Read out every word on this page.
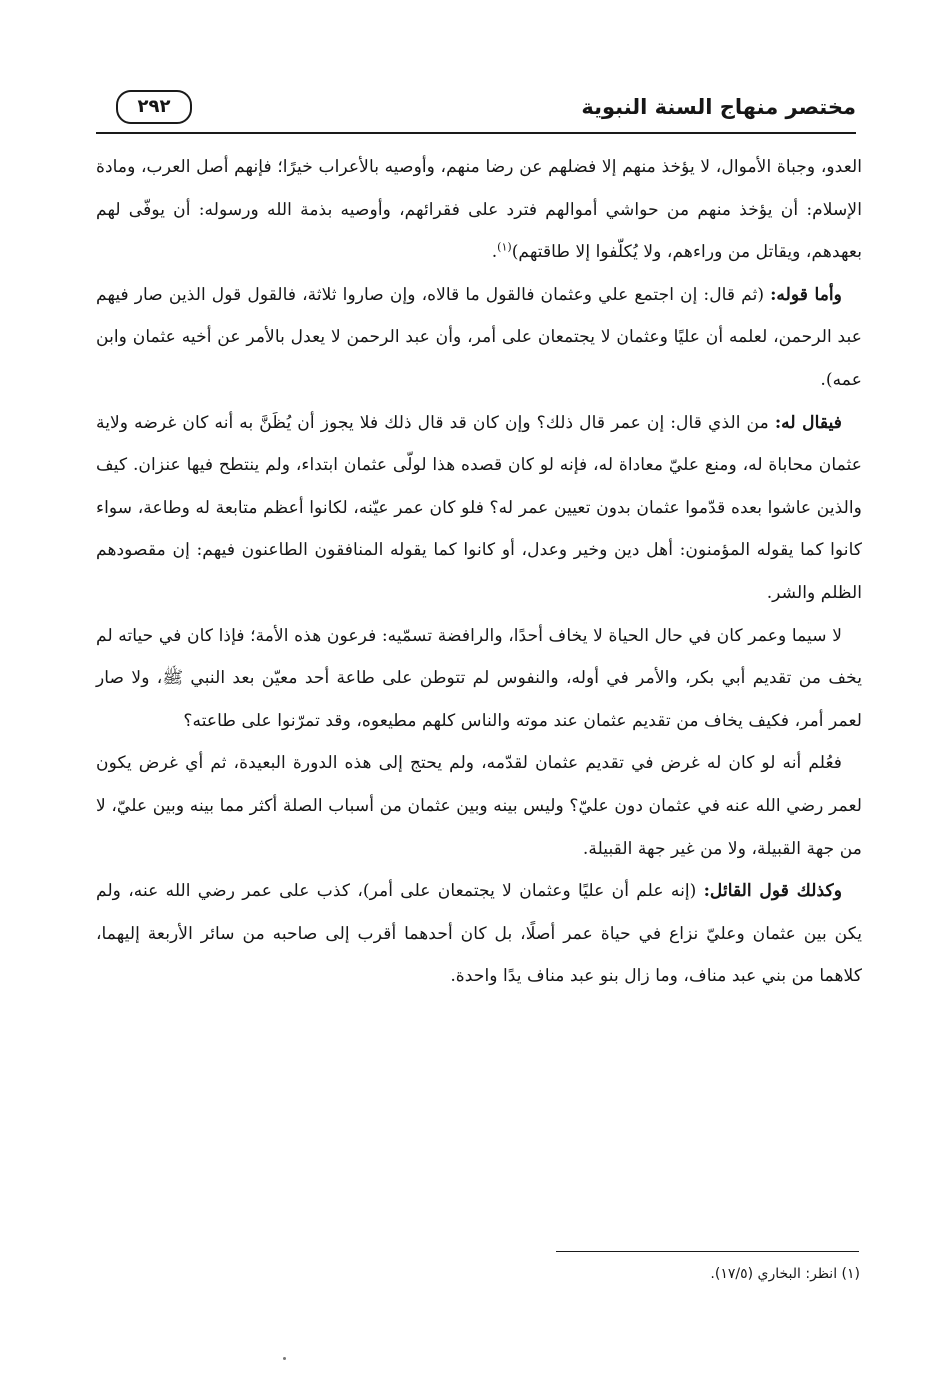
مختصر منهاج السنة النبوية
٢٩٢

العدو، وجباة الأموال، لا يؤخذ منهم إلا فضلهم عن رضا منهم، وأوصيه بالأعراب خيرًا؛ فإنهم أصل العرب، ومادة الإسلام: أن يؤخذ منهم من حواشي أموالهم فترد على فقرائهم، وأوصيه بذمة الله ورسوله: أن يوفّى لهم بعهدهم، ويقاتل من وراءهم، ولا يُكلّفوا إلا طاقتهم)$^{(١)}$.

وأما قوله: (ثم قال: إن اجتمع علي وعثمان فالقول ما قالاه، وإن صاروا ثلاثة، فالقول قول الذين صار فيهم عبد الرحمن، لعلمه أن عليًا وعثمان لا يجتمعان على أمر، وأن عبد الرحمن لا يعدل بالأمر عن أخيه عثمان وابن عمه).

فيقال له: من الذي قال: إن عمر قال ذلك؟ وإن كان قد قال ذلك فلا يجوز أن يُظَنَّ به أنه كان غرضه ولاية عثمان محاباة له، ومنع عليّ معاداة له، فإنه لو كان قصده هذا لولّى عثمان ابتداء، ولم ينتطح فيها عنزان. كيف والذين عاشوا بعده قدّموا عثمان بدون تعيين عمر له؟ فلو كان عمر عيّنه، لكانوا أعظم متابعة له وطاعة، سواء كانوا كما يقوله المؤمنون: أهل دين وخير وعدل، أو كانوا كما يقوله المنافقون الطاعنون فيهم: إن مقصودهم الظلم والشر.

لا سيما وعمر كان في حال الحياة لا يخاف أحدًا، والرافضة تسمّيه: فرعون هذه الأمة؛ فإذا كان في حياته لم يخف من تقديم أبي بكر، والأمر في أوله، والنفوس لم تتوطن على طاعة أحد معيّن بعد النبي ﷺ، ولا صار لعمر أمر، فكيف يخاف من تقديم عثمان عند موته والناس كلهم مطيعوه، وقد تمرّنوا على طاعته؟

فعُلم أنه لو كان له غرض في تقديم عثمان لقدّمه، ولم يحتج إلى هذه الدورة البعيدة، ثم أي غرض يكون لعمر رضي الله عنه في عثمان دون عليّ؟ وليس بينه وبين عثمان من أسباب الصلة أكثر مما بينه وبين عليّ، لا من جهة القبيلة، ولا من غير جهة القبيلة.

وكذلك قول القائل: (إنه علم أن عليًا وعثمان لا يجتمعان على أمر)، كذب على عمر رضي الله عنه، ولم يكن بين عثمان وعليّ نزاع في حياة عمر أصلًا، بل كان أحدهما أقرب إلى صاحبه من سائر الأربعة إليهما، كلاهما من بني عبد مناف، وما زال بنو عبد مناف يدًا واحدة.

(١) انظر: البخاري (١٧/٥).
